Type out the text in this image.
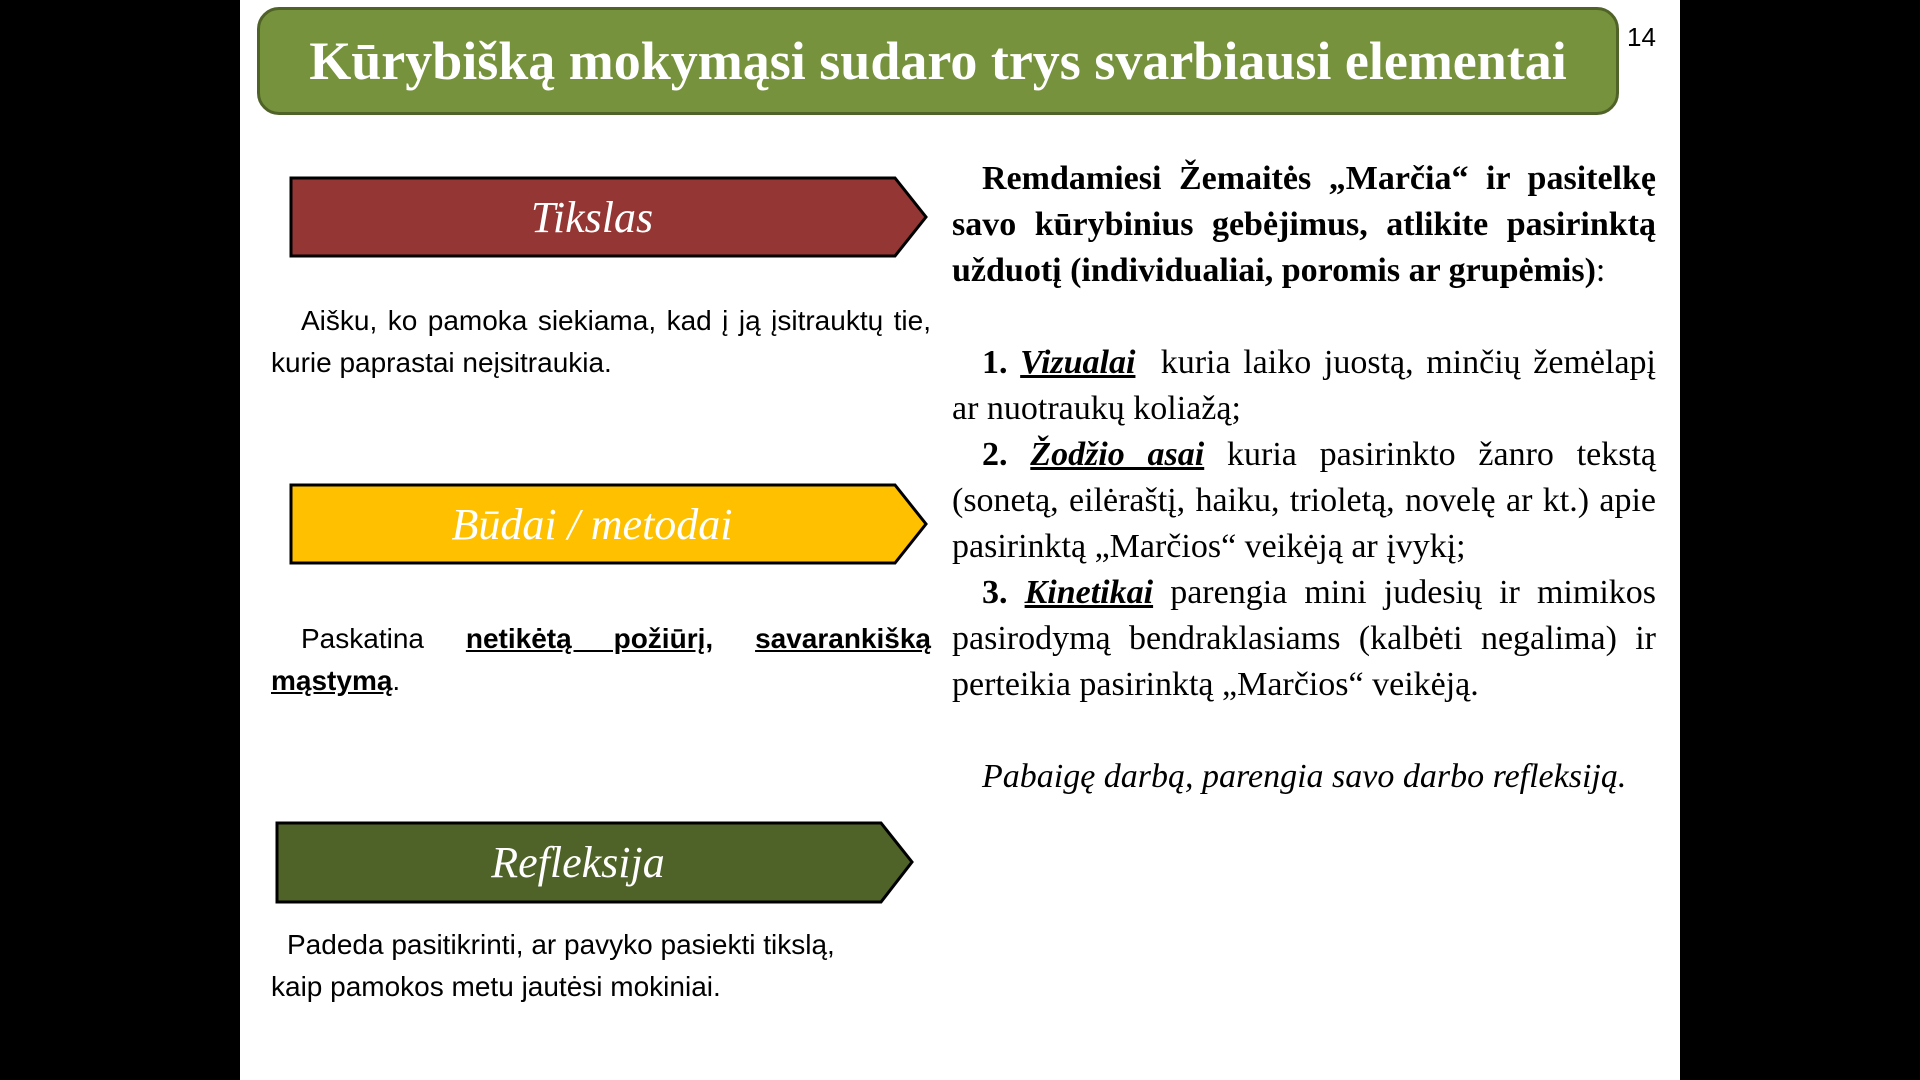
Kūrybišką mokymąsi sudaro trys svarbiausi elementai 14
Tikslas
Aišku, ko pamoka siekiama, kad į ją įsitrauktų tie, kurie paprastai neįsitraukia.
Būdai / metodai
Paskatina netikėtą požiūrį, savarankišką mąstymą.
Refleksija
Padeda pasitikrinti, ar pavyko pasiekti tikslą, kaip pamokos metu jautėsi mokiniai.

Remdamiesi Žemaitės „Marčia“ ir pasitelkę savo kūrybinius gebėjimus, atlikite pasirinktą užduotį (individualiai, poromis ar grupėmis):

1. Vizualai kuria laiko juostą, minčių žemėlapį ar nuotraukų koliažą;

2. Žodžio asai kuria pasirinkto žanro tekstą (sonetą, eilėraštį, haiku, trioletą, novelę ar kt.) apie pasirinktą „Marčios“ veikėją ar įvykį;

3. Kinetikai parengia mini judesių ir mimikos pasirodymą bendraklasiams (kalbėti negalima) ir perteikia pasirinktą „Marčios“ veikėją.

Pabaigę darbą, parengia savo darbo refleksiją.
